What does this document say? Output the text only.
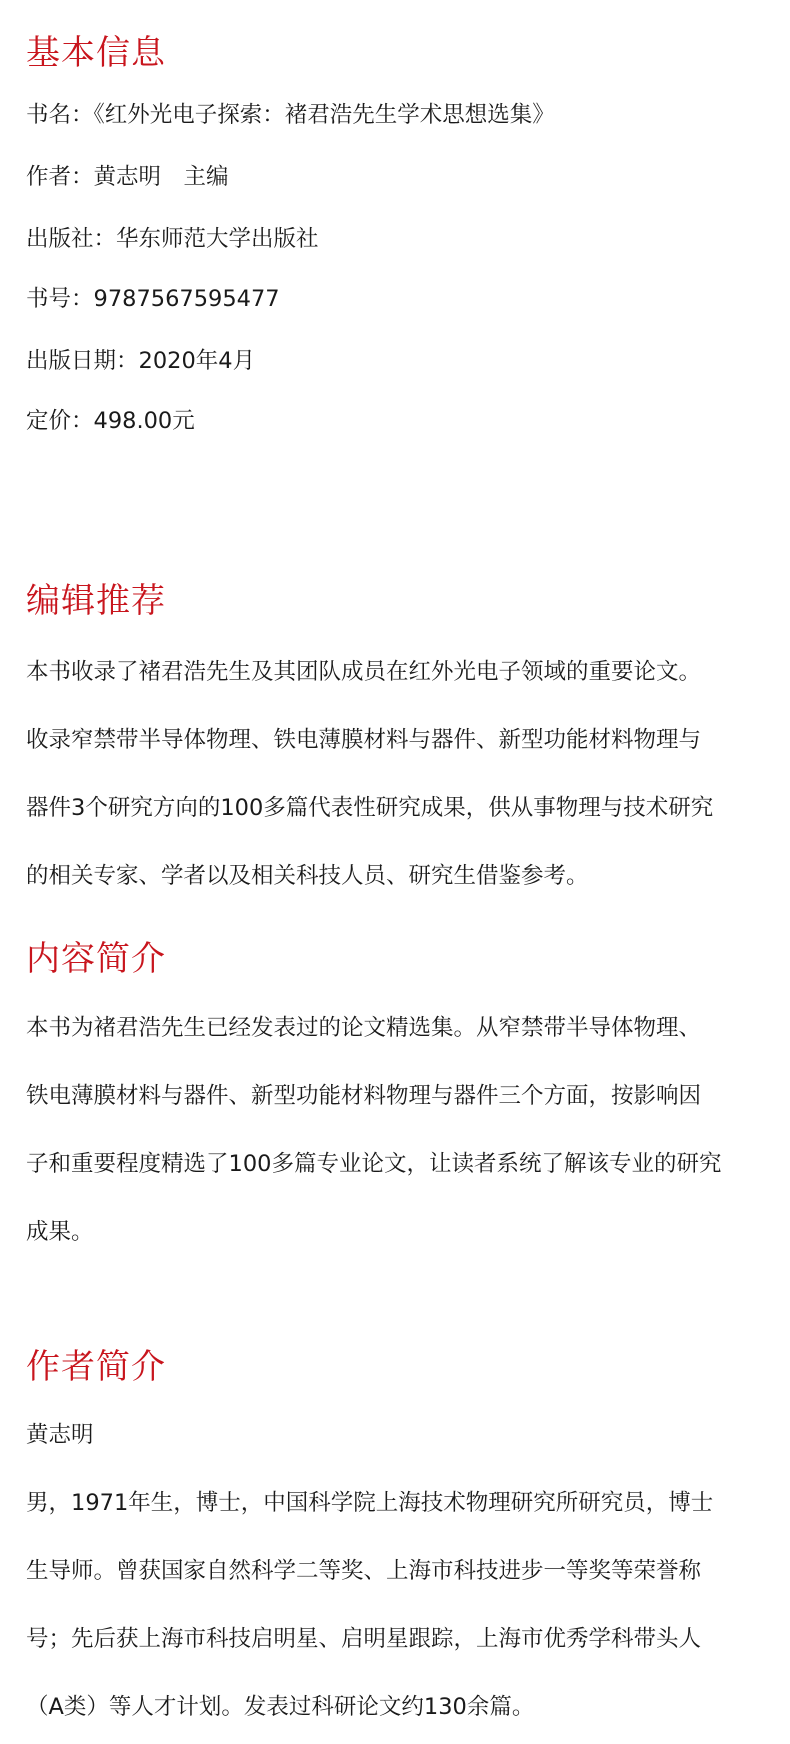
基本信息
书名：《红外光电子探索：褚君浩先生学术思想选集》
作者：黄志明　主编
出版社：华东师范大学出版社
书号：9787567595477
出版日期：2020年4月
定价：498.00元
编辑推荐
本书收录了褚君浩先生及其团队成员在红外光电子领域的重要论文。
收录窄禁带半导体物理、铁电薄膜材料与器件、新型功能材料物理与
器件3个研究方向的100多篇代表性研究成果，供从事物理与技术研究
的相关专家、学者以及相关科技人员、研究生借鉴参考。
内容简介
本书为褚君浩先生已经发表过的论文精选集。从窄禁带半导体物理、
铁电薄膜材料与器件、新型功能材料物理与器件三个方面，按影响因
子和重要程度精选了100多篇专业论文，让读者系统了解该专业的研究
成果。
作者简介
黄志明
男，1971年生，博士，中国科学院上海技术物理研究所研究员，博士
生导师。曾获国家自然科学二等奖、上海市科技进步一等奖等荣誉称
号；先后获上海市科技启明星、启明星跟踪，上海市优秀学科带头人
（A类）等人才计划。发表过科研论文约130余篇。
